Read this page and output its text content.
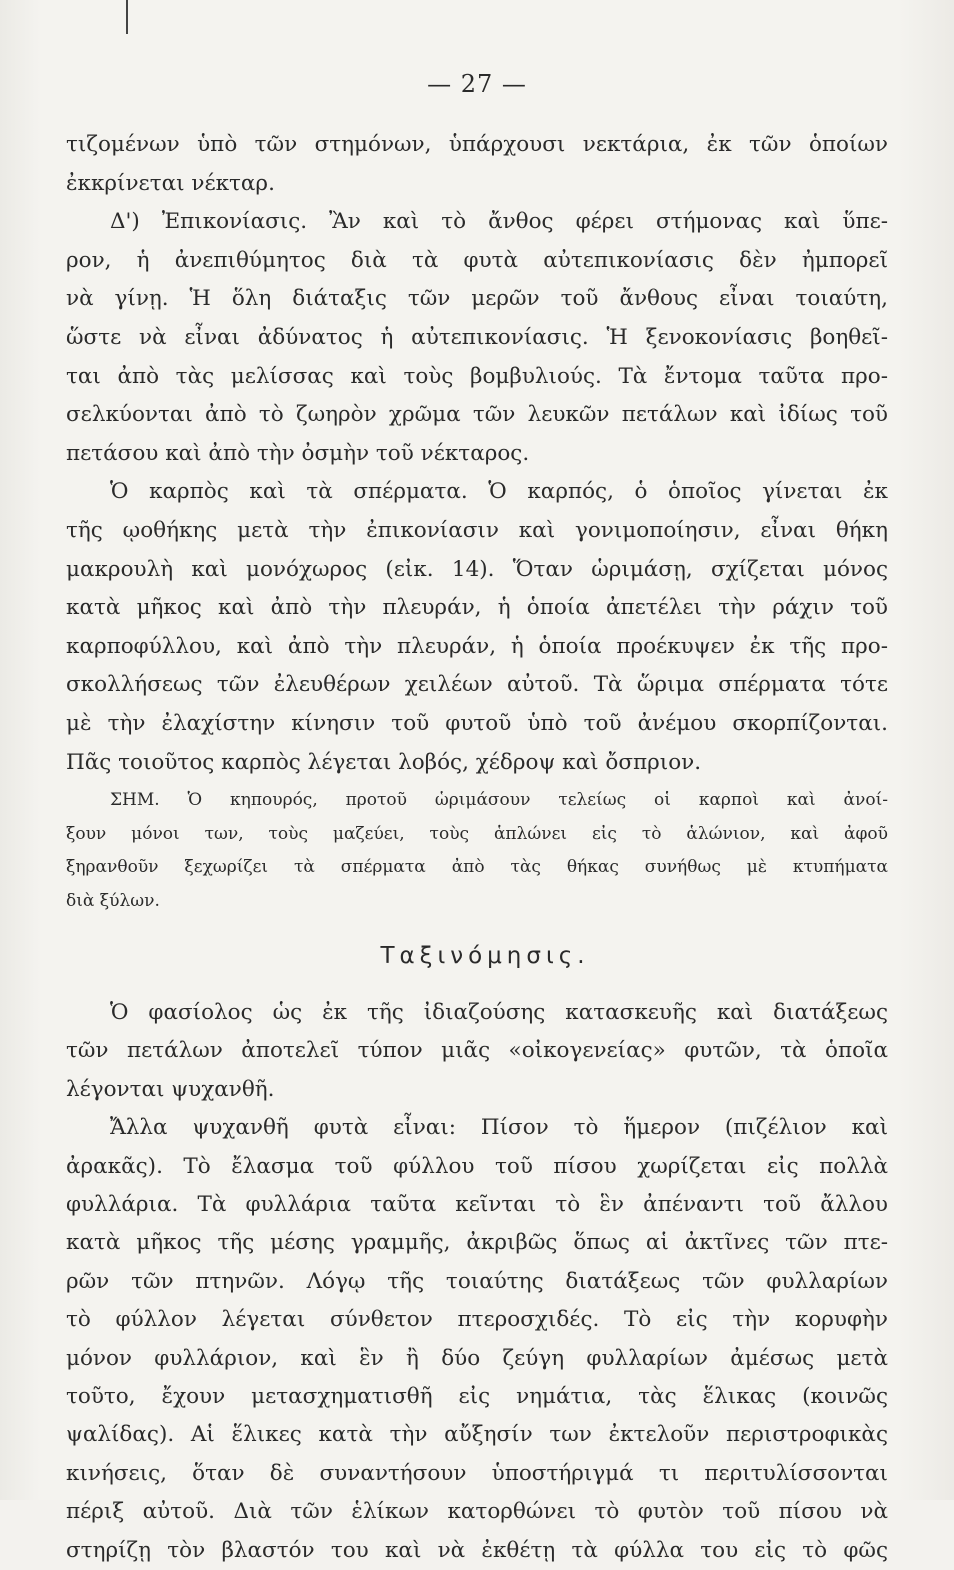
— 27 —
τιζομένων ὑπὸ τῶν στημόνων, ὑπάρχουσι νεκτάρια, ἐκ τῶν ὁποίων
ἐκκρίνεται νέκταρ.
Δ') Ἐπικονίασις. Ἂν καὶ τὸ ἄνθος φέρει στήμονας καὶ ὕπε-
ρον, ἡ ἀνεπιθύμητος διὰ τὰ φυτὰ αὐτεπικονίασις δὲν ἠμπορεῖ
νὰ γίνῃ. Ἡ ὅλη διάταξις τῶν μερῶν τοῦ ἄνθους εἶναι τοιαύτη,
ὥστε νὰ εἶναι ἀδύνατος ἡ αὐτεπικονίασις. Ἡ ξενοκονίασις βοηθεῖ-
ται ἀπὸ τὰς μελίσσας καὶ τοὺς βομβυλιούς. Τὰ ἔντομα ταῦτα προ-
σελκύονται ἀπὸ τὸ ζωηρὸν χρῶμα τῶν λευκῶν πετάλων καὶ ἰδίως τοῦ
πετάσου καὶ ἀπὸ τὴν ὀσμὴν τοῦ νέκταρος.
Ὁ καρπὸς καὶ τὰ σπέρματα. Ὁ καρπός, ὁ ὁποῖος γίνεται ἐκ
τῆς ῳοθήκης μετὰ τὴν ἐπικονίασιν καὶ γονιμοποίησιν, εἶναι θήκη
μακρουλὴ καὶ μονόχωρος (εἰκ. 14). Ὅταν ὡριμάσῃ, σχίζεται μόνος
κατὰ μῆκος καὶ ἀπὸ τὴν πλευράν, ἡ ὁποία ἀπετέλει τὴν ράχιν τοῦ
καρποφύλλου, καὶ ἀπὸ τὴν πλευράν, ἡ ὁποία προέκυψεν ἐκ τῆς προ-
σκολλήσεως τῶν ἐλευθέρων χειλέων αὐτοῦ. Τὰ ὥριμα σπέρματα τότε
μὲ τὴν ἐλαχίστην κίνησιν τοῦ φυτοῦ ὑπὸ τοῦ ἀνέμου σκορπίζονται.
Πᾶς τοιοῦτος καρπὸς λέγεται λοβός, χέδροψ καὶ ὄσπριον.
ΣΗΜ. Ὁ κηπουρός, προτοῦ ὡριμάσουν τελείως οἱ καρποὶ καὶ ἀνοί-
ξουν μόνοι των, τοὺς μαζεύει, τοὺς ἁπλώνει εἰς τὸ ἁλώνιον, καὶ ἀφοῦ
ξηρανθοῦν ξεχωρίζει τὰ σπέρματα ἀπὸ τὰς θήκας συνήθως μὲ κτυπήματα
διὰ ξύλων.
Ταξινόμησις.
Ὁ φασίολος ὡς ἐκ τῆς ἰδιαζούσης κατασκευῆς καὶ διατάξεως
τῶν πετάλων ἀποτελεῖ τύπον μιᾶς «οἰκογενείας» φυτῶν, τὰ ὁποῖα
λέγονται ψυχανθῆ.
Ἄλλα ψυχανθῆ φυτὰ εἶναι: Πίσον τὸ ἥμερον (πιζέλιον καὶ
ἀρακᾶς). Τὸ ἔλασμα τοῦ φύλλου τοῦ πίσου χωρίζεται εἰς πολλὰ
φυλλάρια. Τὰ φυλλάρια ταῦτα κεῖνται τὸ ἓν ἀπέναντι τοῦ ἄλλου
κατὰ μῆκος τῆς μέσης γραμμῆς, ἀκριβῶς ὅπως αἱ ἀκτῖνες τῶν πτε-
ρῶν τῶν πτηνῶν. Λόγῳ τῆς τοιαύτης διατάξεως τῶν φυλλαρίων
τὸ φύλλον λέγεται σύνθετον πτεροσχιδές. Τὸ εἰς τὴν κορυφὴν
μόνον φυλλάριον, καὶ ἓν ἢ δύο ζεύγη φυλλαρίων ἀμέσως μετὰ
τοῦτο, ἔχουν μετασχηματισθῆ εἰς νημάτια, τὰς ἕλικας (κοινῶς
ψαλίδας). Αἱ ἕλικες κατὰ τὴν αὔξησίν των ἐκτελοῦν περιστροφικὰς
κινήσεις, ὅταν δὲ συναντήσουν ὑποστήριγμά τι περιτυλίσσονται
πέριξ αὐτοῦ. Διὰ τῶν ἑλίκων κατορθώνει τὸ φυτὸν τοῦ πίσου νὰ
στηρίζῃ τὸν βλαστόν του καὶ νὰ ἐκθέτῃ τὰ φύλλα του εἰς τὸ φῶς
